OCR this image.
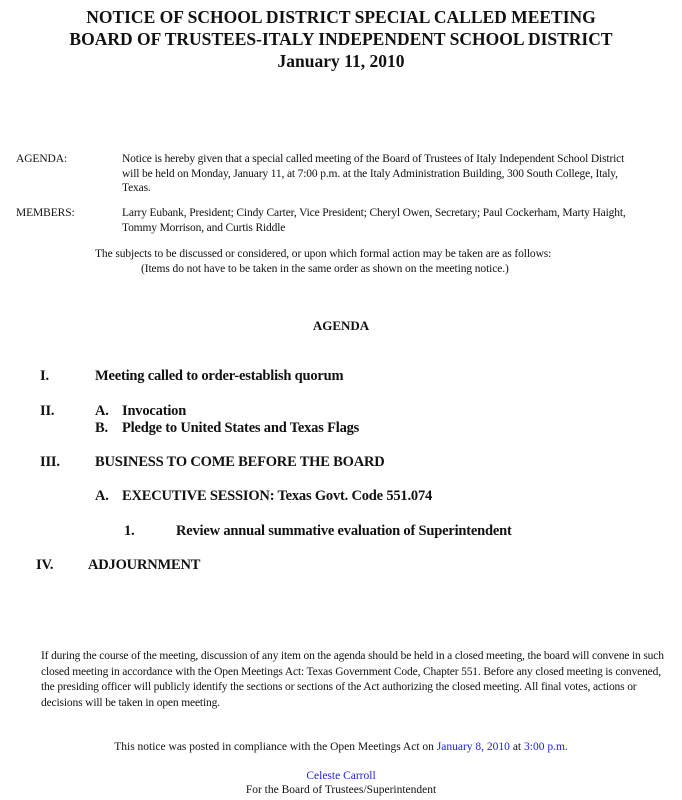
NOTICE OF SCHOOL DISTRICT SPECIAL CALLED MEETING
BOARD OF TRUSTEES-ITALY INDEPENDENT SCHOOL DISTRICT
January 11, 2010
AGENDA:	Notice is hereby given that a special called meeting of the Board of Trustees of Italy Independent School District will be held on Monday, January 11, at 7:00 p.m. at the Italy Administration Building, 300 South College, Italy, Texas.
MEMBERS:	Larry Eubank, President; Cindy Carter, Vice President; Cheryl Owen, Secretary; Paul Cockerham, Marty Haight, Tommy Morrison, and Curtis Riddle
The subjects to be discussed or considered, or upon which formal action may be taken are as follows:
(Items do not have to be taken in the same order as shown on the meeting notice.)
AGENDA
I.	Meeting called to order-establish quorum
II.	A. Invocation
B. Pledge to United States and Texas Flags
III. BUSINESS TO COME BEFORE THE BOARD
A. EXECUTIVE SESSION: Texas Govt. Code 551.074
1.	Review annual summative evaluation of Superintendent
IV. ADJOURNMENT
If during the course of the meeting, discussion of any item on the agenda should be held in a closed meeting, the board will convene in such closed meeting in accordance with the Open Meetings Act: Texas Government Code, Chapter 551. Before any closed meeting is convened, the presiding officer will publicly identify the sections or sections of the Act authorizing the closed meeting. All final votes, actions or decisions will be taken in open meeting.
This notice was posted in compliance with the Open Meetings Act on January 8, 2010 at 3:00 p.m.
Celeste Carroll
For the Board of Trustees/Superintendent
